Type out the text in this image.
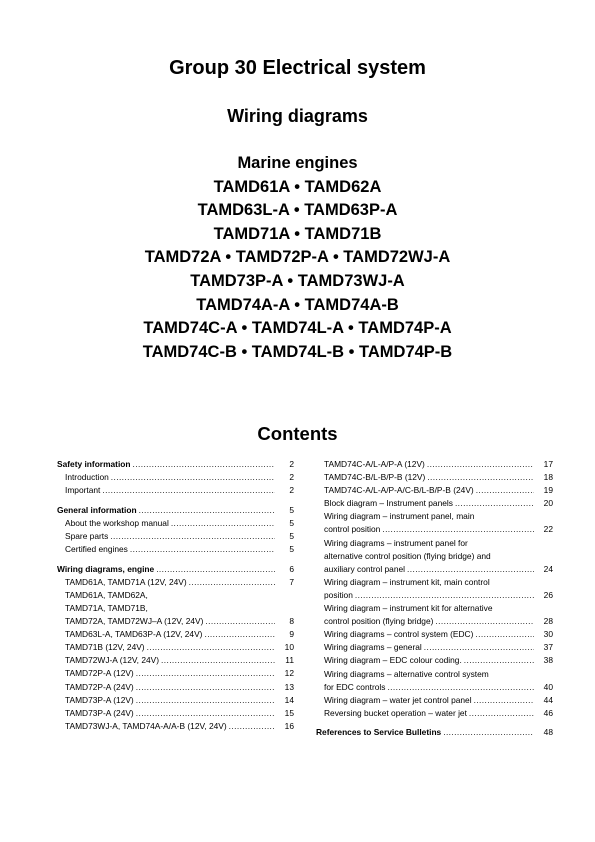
Group 30 Electrical system
Wiring diagrams
Marine engines
TAMD61A • TAMD62A
TAMD63L-A • TAMD63P-A
TAMD71A • TAMD71B
TAMD72A • TAMD72P-A • TAMD72WJ-A
TAMD73P-A • TAMD73WJ-A
TAMD74A-A • TAMD74A-B
TAMD74C-A • TAMD74L-A • TAMD74P-A
TAMD74C-B • TAMD74L-B • TAMD74P-B
Contents
Safety information .....	2
Introduction .....	2
Important .....	2
General information .....	5
About the workshop manual .....	5
Spare parts .....	5
Certified engines .....	5
Wiring diagrams, engine .....	6
TAMD61A, TAMD71A (12V, 24V) .....	7
TAMD61A, TAMD62A,
TAMD71A, TAMD71B,
TAMD72A, TAMD72WJ–A (12V, 24V) .....	8
TAMD63L-A, TAMD63P-A (12V, 24V) .....	9
TAMD71B (12V, 24V) .....	10
TAMD72WJ-A (12V, 24V) .....	11
TAMD72P-A (12V) .....	12
TAMD72P-A (24V) .....	13
TAMD73P-A (12V) .....	14
TAMD73P-A (24V) .....	15
TAMD73WJ-A, TAMD74A-A/A-B (12V, 24V) .....	16
TAMD74C-A/L-A/P-A (12V) .....	17
TAMD74C-B/L-B/P-B (12V) .....	18
TAMD74C-A/L-A/P-A/C-B/L-B/P-B (24V) .....	19
Block diagram – Instrument panels .....	20
Wiring diagram – instrument panel, main
control position .....	22
Wiring diagrams – instrument panel for
alternative control position (flying bridge) and
auxiliary control panel .....	24
Wiring diagram – instrument kit, main control
position .....	26
Wiring diagram – instrument kit for alternative
control position (flying bridge) .....	28
Wiring diagrams – control system (EDC) .....	30
Wiring diagrams – general .....	37
Wiring diagram – EDC colour coding. .....	38
Wiring diagrams – alternative control system
for EDC controls .....	40
Wiring diagram – water jet control panel .....	44
Reversing bucket operation – water jet .....	46
References to Service Bulletins .....	48
